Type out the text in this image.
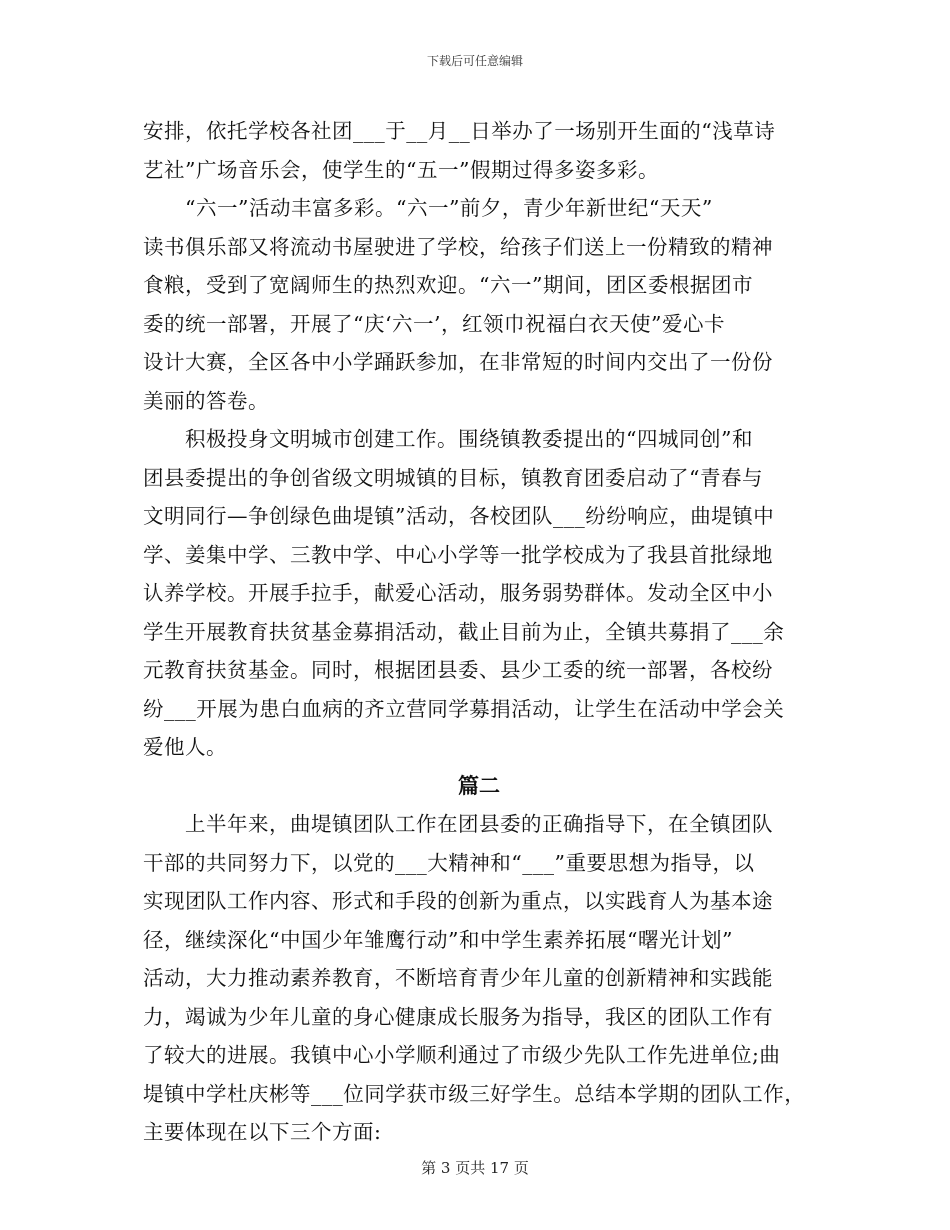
下载后可任意编辑
安排，依托学校各社团___于__月__日举办了一场别开生面的“浅草诗
艺社”广场音乐会，使学生的“五一”假期过得多姿多彩。
“六一”活动丰富多彩。“六一”前夕，青少年新世纪“天天”
读书俱乐部又将流动书屋驶进了学校，给孩子们送上一份精致的精神
食粮，受到了宽阔师生的热烈欢迎。“六一”期间，团区委根据团市
委的统一部署，开展了“庆‘六一’，红领巾祝福白衣天使”爱心卡
设计大赛，全区各中小学踊跃参加，在非常短的时间内交出了一份份
美丽的答卷。
积极投身文明城市创建工作。围绕镇教委提出的“四城同创”和
团县委提出的争创省级文明城镇的目标，镇教育团委启动了“青春与
文明同行—争创绿色曲堤镇”活动，各校团队___纷纷响应，曲堤镇中
学、姜集中学、三教中学、中心小学等一批学校成为了我县首批绿地
认养学校。开展手拉手，献爱心活动，服务弱势群体。发动全区中小
学生开展教育扶贫基金募捐活动，截止目前为止，全镇共募捐了___余
元教育扶贫基金。同时，根据团县委、县少工委的统一部署，各校纷
纷___开展为患白血病的齐立营同学募捐活动，让学生在活动中学会关
爱他人。
篇二
上半年来，曲堤镇团队工作在团县委的正确指导下，在全镇团队
干部的共同努力下，以党的___大精神和“___”重要思想为指导，以
实现团队工作内容、形式和手段的创新为重点，以实践育人为基本途
径，继续深化“中国少年雏鹰行动”和中学生素养拓展“曙光计划”
活动，大力推动素养教育，不断培育青少年儿童的创新精神和实践能
力，竭诚为少年儿童的身心健康成长服务为指导，我区的团队工作有
了较大的进展。我镇中心小学顺利通过了市级少先队工作先进单位;曲
堤镇中学杜庆彬等___位同学获市级三好学生。总结本学期的团队工作，
主要体现在以下三个方面:
第 3 页共 17 页
